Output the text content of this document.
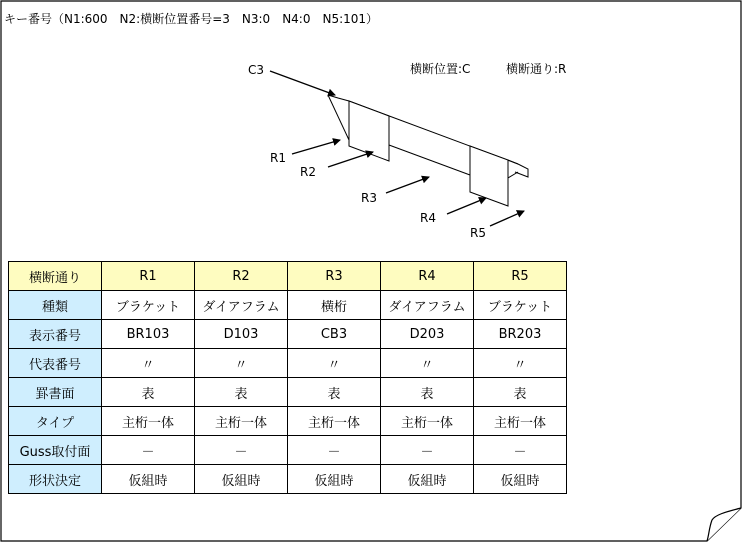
キー番号（N1:600　N2:横断位置番号=3　N3:0　N4:0　N5:101）
横断位置:C	横断通り:R
C3
R1
R2
R3
R4
R5
横断通り	R1	R2	R3	R4	R5
種類	ブラケット	ダイアフラム	横桁	ダイアフラム	ブラケット
表示番号	BR103	D103	CB3	D203	BR203
代表番号	〃	〃	〃	〃	〃
罫書面	表	表	表	表	表
タイプ	主桁一体	主桁一体	主桁一体	主桁一体	主桁一体
Guss取付面	－	－	－	－	－
形状決定	仮組時	仮組時	仮組時	仮組時	仮組時
